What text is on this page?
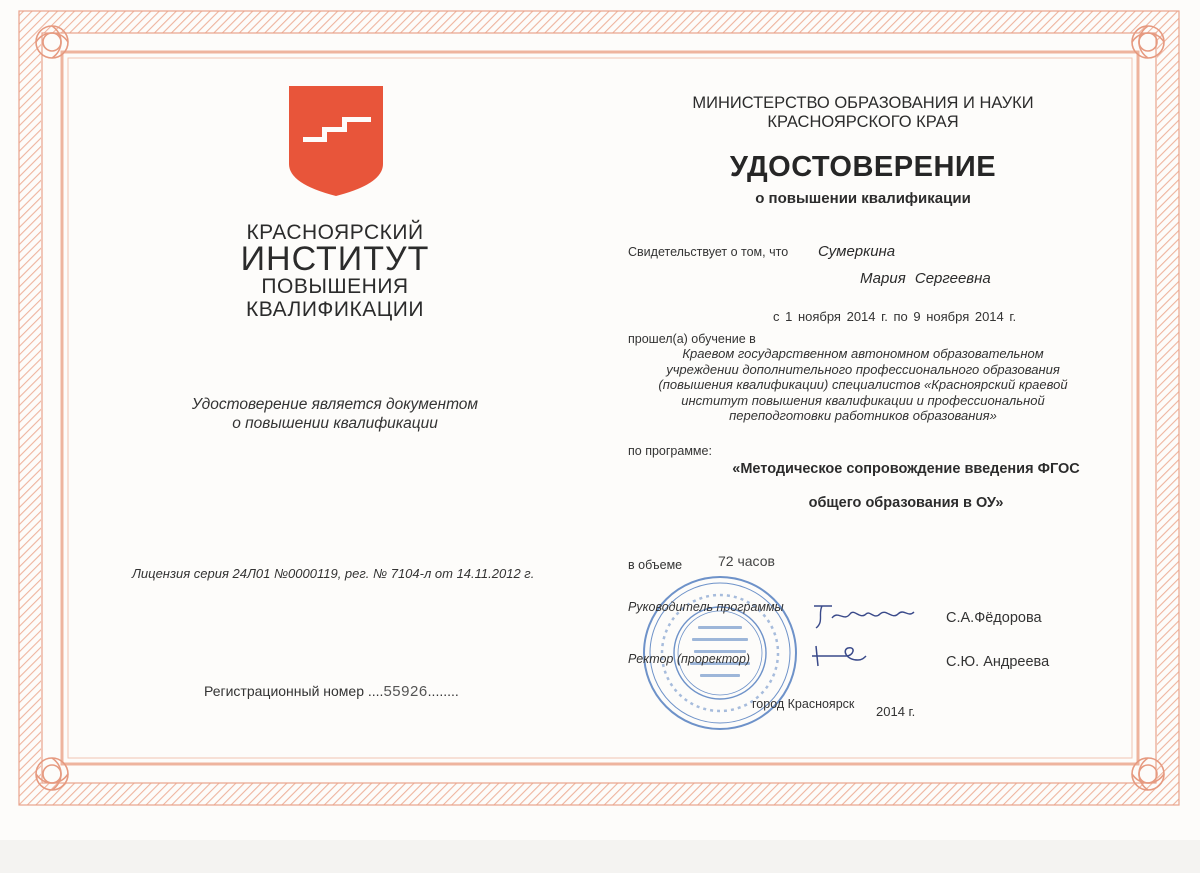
КРАСНОЯРСКИЙ
ИНСТИТУТ
ПОВЫШЕНИЯ
КВАЛИФИКАЦИИ
Удостоверение является документом
о повышении квалификации
Лицензия серия 24Л01 №0000119, рег. № 7104-л от 14.11.2012 г.
Регистрационный номер ....55926........
МИНИСТЕРСТВО ОБРАЗОВАНИЯ И НАУКИ
КРАСНОЯРСКОГО КРАЯ
УДОСТОВЕРЕНИЕ
о повышении квалификации
Свидетельствует о том, что Сумеркина
Мария Сергеевна
с 1 ноября 2014 г. по 9 ноября 2014 г.
прошел(а) обучение в
Краевом государственном автономном образовательном
учреждении дополнительного профессионального образования
(повышения квалификации) специалистов «Красноярский краевой
институт повышения квалификации и профессиональной
переподготовки работников образования»
по программе:
«Методическое сопровождение введения ФГОС
общего образования в ОУ»
в объеме	72 часов
Руководитель программы
С.А.Фёдорова
Ректор (проректор)	С.Ю. Андреева
город Красноярск 2014 г.
